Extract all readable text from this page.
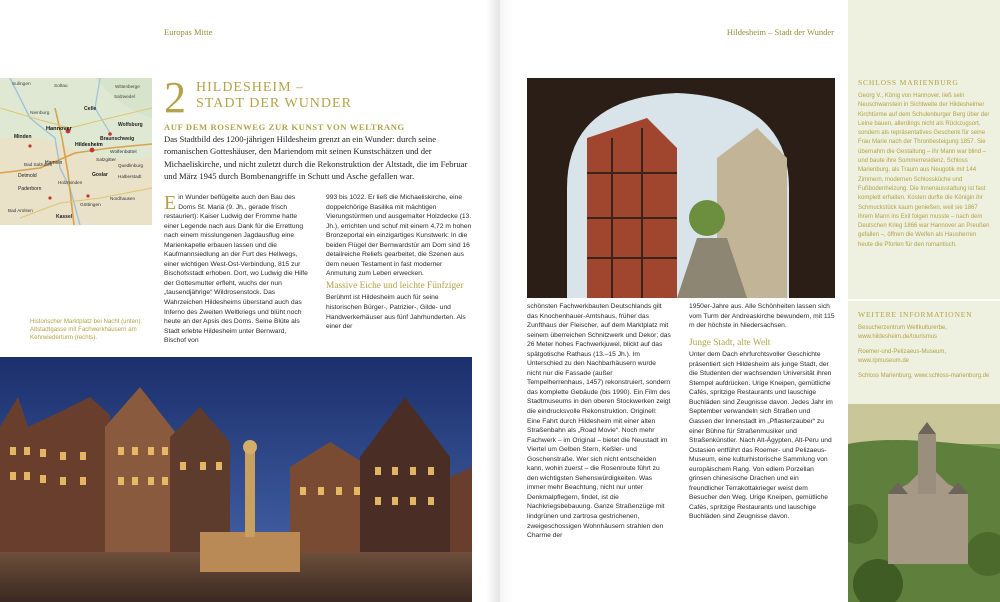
Europas Mitte	Hildesheim – Stadt der Wunder
Sulingen	Soltau
Celle
Nienburg
Salzwedel
Wittenberge
Wolfsburg
Minden
Hannover
Hildesheim
Braunschweig
Hameln	Salzgitter
Wolfenbüttel
Detmold
Bad Salzuflen
Goslar
Paderborn
Holzminden
Halberstadt
Bad Arolsen
Kassel
Göttingen
Nordhausen
Quedlinburg
2 HILDESHEIM –
STADT DER WUNDER
AUF DEM ROSENWEG ZUR KUNST VON WELTRANG
Das Stadtbild des 1200-jährigen Hildesheim grenzt an ein Wunder: durch seine romanischen Gotteshäuser, den Mariendom mit seinen Kunstschätzen und der Michaeliskirche, und nicht zuletzt durch die Rekonstruktion der Altstadt, die im Februar und März 1945 durch Bombenangriffe in Schutt und Asche gefallen war.
Ein Wunder beflügelte auch den Bau des Doms St. Mariä (9. Jh., gerade frisch restauriert): Kaiser Ludwig der Fromme hatte einer Legende nach aus Dank für die Errettung nach einem misslungenen Jagdausflug eine Marienkapelle erbauen lassen und die Kaufmannsiedlung an der Furt des Hellwegs, einer wichtigen West-Ost-Verbindung, 815 zur Bischofsstadt erhoben. Dort, wo Ludwig die Hilfe der Gottesmutter erfleht, wuchs der nun „tausendjährige“ Wildrosenstock. Das Wahrzeichen Hildesheims überstand auch das Inferno des Zweiten Weltkriegs und blüht noch heute an der Apsis des Doms. Seine Blüte als Stadt erlebte Hildesheim unter Bernward, Bischof von

993 bis 1022. Er ließ die Michaeliskirche, eine doppelchörige Basilika mit mächtigen Vierungstürmen und ausgemalter Holzdecke (13. Jh.), errichten und schuf mit einem 4,72 m hohen Bronzeportal ein einzigartiges Kunstwerk: In die beiden Flügel der Bernwardstür am Dom sind 16 detailreiche Reliefs gearbeitet, die Szenen aus dem neuen Testament in fast moderner Anmutung zum Leben erwecken.

Massive Eiche und leichte Fünfziger

Berühmt ist Hildesheim auch für seine historischen Bürger-, Patrizier-, Gilde- und Handwerkerhäuser aus fünf Jahrhunderten. Als einer der

Historischer Marktplatz bei Nacht (unten). Altstadtgasse mit Fachwerkhäusern am Kehrwiederturm (rechts).
schönsten Fachwerkbauten Deutschlands gilt das Knochenhauer-Amtshaus, früher das Zunfthaus der Fleischer, auf dem Marktplatz mit seinem überreichen Schnitzwerk und Dekor; das 26 Meter hohes Fachwerkjuwel, blickt auf das spätgotische Rathaus (13.–15 Jh.). Im Unterschied zu den Nachbarhäusern wurde nicht nur die Fassade (außer Tempelherrenhaus, 1457) rekonstruiert, sondern das komplette Gebäude (bis 1990). Ein Film des Stadtmuseums in den oberen Stockwerken zeigt die eindrucksvolle Rekonstruktion. Originell: Eine Fahrt durch Hildesheim mit einer alten Straßenbahn als „Road Movie“. Noch mehr Fachwerk – im Original – bietet die Neustadt im Viertel um Gelben Stern, Keßler- und Goschenstraße. Wer sich nicht entscheiden kann, wohin zuerst – die Rosenroute führt zu den wichtigsten Sehenswürdigkeiten. Was immer mehr Beachtung, nicht nur unter Denkmalpflegern, findet, ist die Nachkriegsbebauung. Ganze Straßenzüge mit lindgrünen und zartrosa gestrichenen, zweigeschossigen Wohnhäusern strahlen den Charme der

1950er-Jahre aus. Alle Schönheiten lassen sich vom Turm der Andreaskirche bewundern, mit 115 m der höchste in Niedersachsen.

Junge Stadt, alte Welt

Unter dem Dach ehrfurchtsvoller Geschichte präsentiert sich Hildesheim als junge Stadt, der die Studenten der wachsenden Universität ihren Stempel aufdrücken. Urige Kneipen, gemütliche Cafés, spritzige Restaurants und lauschige Buchläden sind Zeugnisse davon. Jedes Jahr im September verwandeln sich Straßen und Gassen der Innenstadt im „Pflasterzauber“ zu einer Bühne für Straßenmusiker und Straßenkünstler. Nach Alt-Ägypten, Alt-Peru und Ostasien entführt das Roemer- und Pelizaeus-Museum, eine kulturhistorische Sammlung von europäischem Rang. Von edlem Porzellan grinsen chinesische Drachen und ein freundlicher Terrakottakrieger weist dem Besucher den Weg. Urige Kneipen, gemütliche Cafés, spritzige Restaurants und lauschige Buchläden sind Zeugnisse davon.

SCHLOSS MARIENBURG
Georg V., König von Hannover, ließ sein Neuschwanstein in Sichtweite der Hildesheimer Kirchtürme auf dem Schulenburger Berg über der Leine bauen, allerdings nicht als Rückzugsort, sondern als repräsentatives Geschenk für seine Frau Marie nach der Thronbesteigung 1857. Sie übernahm die Gestaltung – ihr Mann war blind – und baute ihre Sommerresidenz, Schloss Marienburg, als Traum aus Neugotik mit 144 Zimmern, modernen Schlossküche und Fußbodenheizung. Die Innenausstattung ist fast komplett erhalten. Kosten durfte die Königin ihr Schmuckstück kaum genießen, weil sie 1867 ihrem Mann ins Exil folgen musste – nach dem Deutschen Krieg 1866 war Hannover an Preußen gefallen –, öffnen die Welfen als Hausherren heute die Pforten für den romantisch.
WEITERE INFORMATIONEN
Besucherzentrum Weltkulturerbe, www.hildesheim.de/tourismus
Roemer-und-Pelizaeus-Museum, www.rpmuseum.de
Schloss Marienburg, www.schloss-marienburg.de
